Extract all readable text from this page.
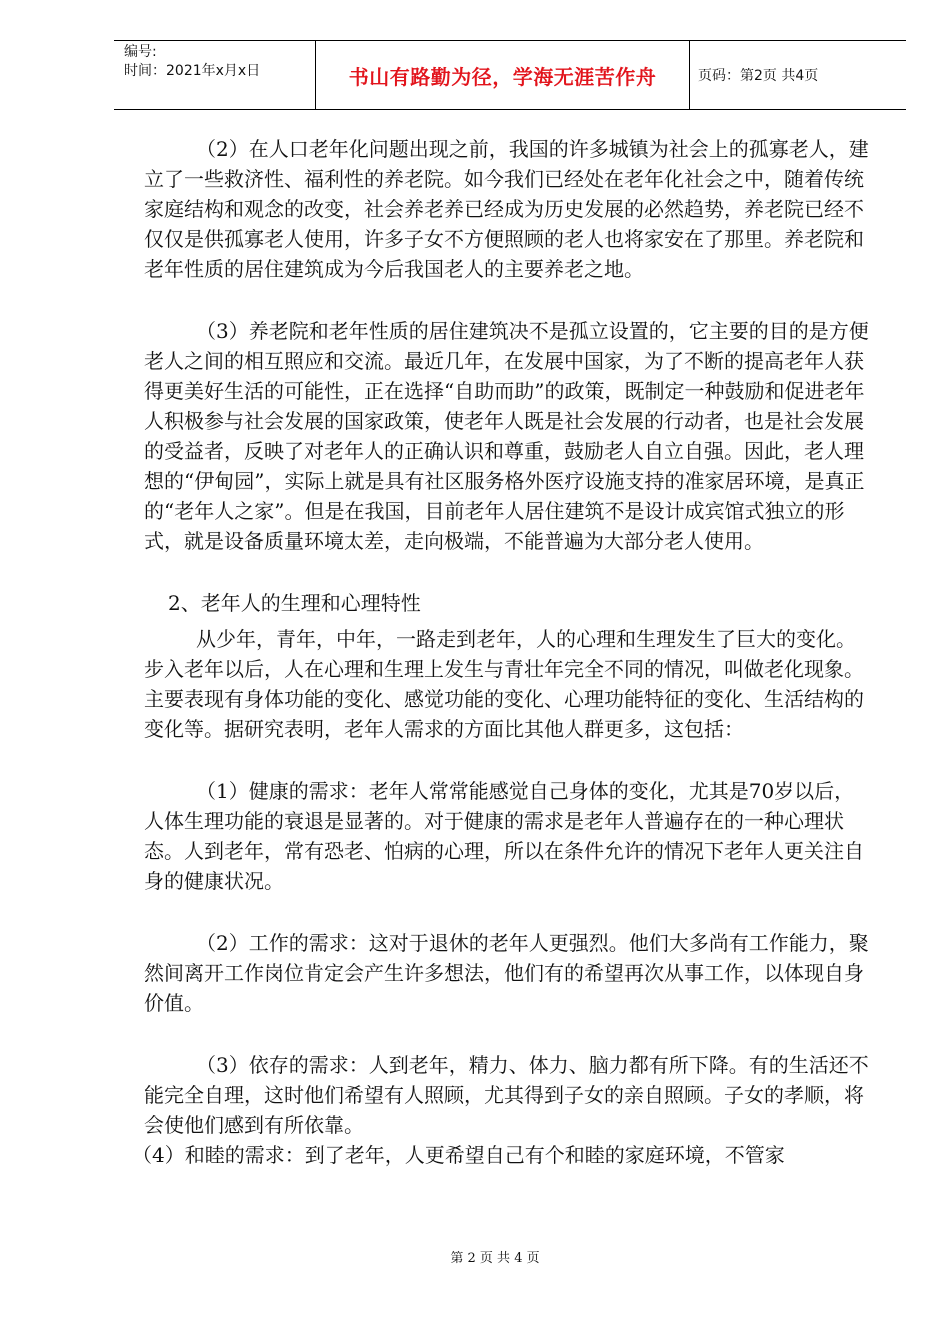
编号:
时间：2021年x月x日	书山有路勤为径，学海无涯苦作舟	页码：第2页 共4页

（2）在人口老年化问题出现之前，我国的许多城镇为社会上的孤寡老人，建立了一些救济性、福利性的养老院。如今我们已经处在老年化社会之中，随着传统家庭结构和观念的改变，社会养老养已经成为历史发展的必然趋势，养老院已经不仅仅是供孤寡老人使用，许多子女不方便照顾的老人也将家安在了那里。养老院和老年性质的居住建筑成为今后我国老人的主要养老之地。

（3）养老院和老年性质的居住建筑决不是孤立设置的，它主要的目的是方便老人之间的相互照应和交流。最近几年，在发展中国家，为了不断的提高老年人获得更美好生活的可能性，正在选择“自助而助”的政策，既制定一种鼓励和促进老年人积极参与社会发展的国家政策，使老年人既是社会发展的行动者，也是社会发展的受益者，反映了对老年人的正确认识和尊重，鼓励老人自立自强。因此，老人理想的“伊甸园”，实际上就是具有社区服务格外医疗设施支持的准家居环境，是真正的“老年人之家”。但是在我国，目前老年人居住建筑不是设计成宾馆式独立的形式，就是设备质量环境太差，走向极端，不能普遍为大部分老人使用。

2、老年人的生理和心理特性

从少年，青年，中年，一路走到老年，人的心理和生理发生了巨大的变化。步入老年以后，人在心理和生理上发生与青壮年完全不同的情况，叫做老化现象。主要表现有身体功能的变化、感觉功能的变化、心理功能特征的变化、生活结构的变化等。据研究表明，老年人需求的方面比其他人群更多，这包括：

（1）健康的需求：老年人常常能感觉自己身体的变化，尤其是70岁以后，人体生理功能的衰退是显著的。对于健康的需求是老年人普遍存在的一种心理状态。人到老年，常有恐老、怕病的心理，所以在条件允许的情况下老年人更关注自身的健康状况。

（2）工作的需求：这对于退休的老年人更强烈。他们大多尚有工作能力，聚然间离开工作岗位肯定会产生许多想法，他们有的希望再次从事工作，以体现自身价值。

（3）依存的需求：人到老年，精力、体力、脑力都有所下降。有的生活还不能完全自理，这时他们希望有人照顾，尤其得到子女的亲自照顾。子女的孝顺，将会使他们感到有所依靠。

（4）和睦的需求：到了老年，人更希望自己有个和睦的家庭环境，不管家

第 2 页 共 4 页
